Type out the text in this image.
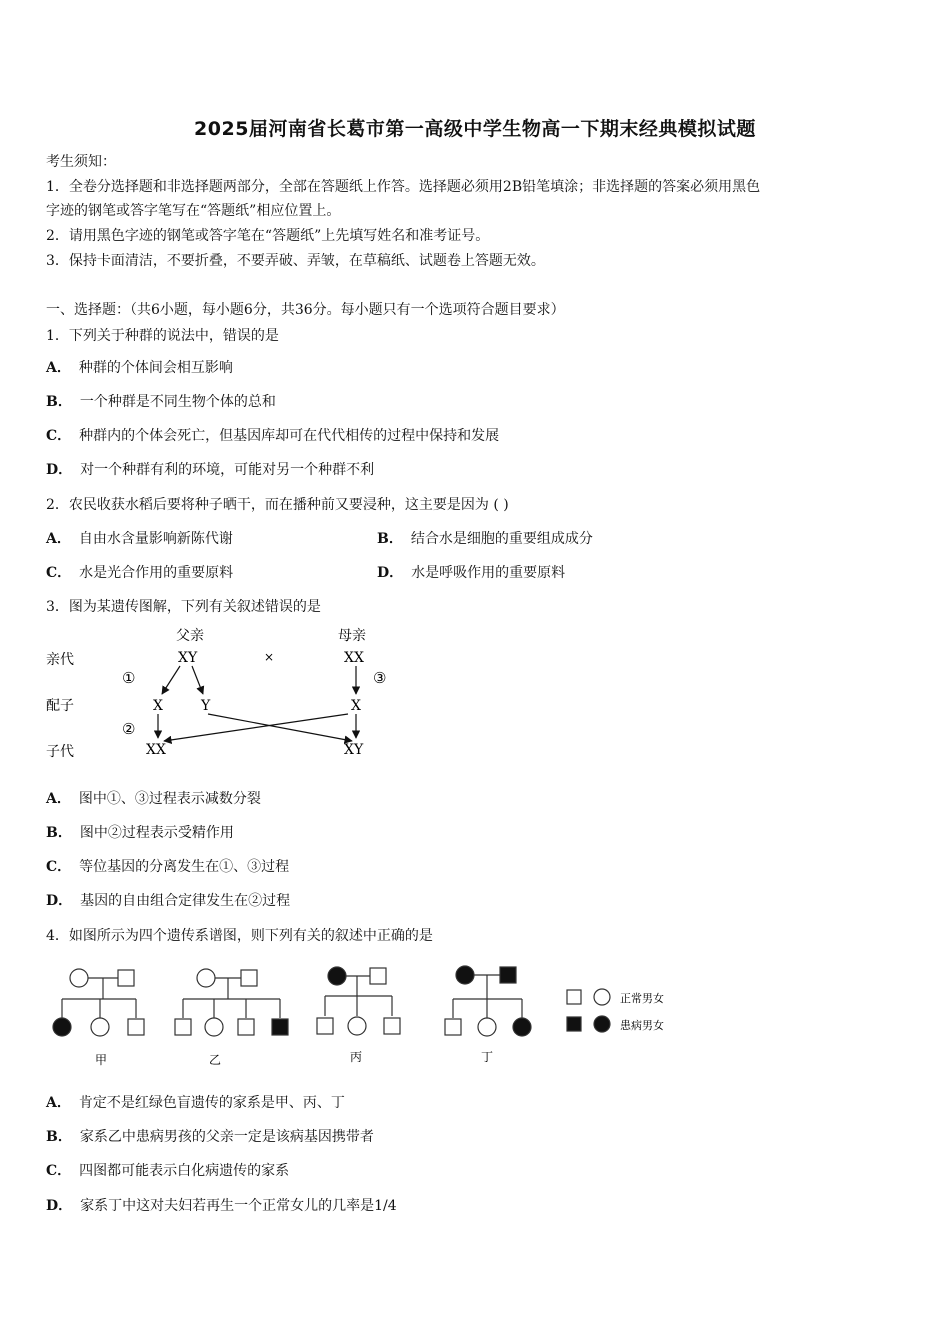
2025届河南省长葛市第一高级中学生物高一下期末经典模拟试题
考生须知：
1．全卷分选择题和非选择题两部分，全部在答题纸上作答。选择题必须用2B铅笔填涂；非选择题的答案必须用黑色
字迹的钢笔或答字笔写在“答题纸”相应位置上。
2．请用黑色字迹的钢笔或答字笔在“答题纸”上先填写姓名和准考证号。
3．保持卡面清洁，不要折叠，不要弄破、弄皱，在草稿纸、试题卷上答题无效。
一、选择题：（共6小题，每小题6分，共36分。每小题只有一个选项符合题目要求）
1．下列关于种群的说法中，错误的是
A． 种群的个体间会相互影响
B． 一个种群是不同生物个体的总和
C． 种群内的个体会死亡，但基因库却可在代代相传的过程中保持和发展
D． 对一个种群有利的环境，可能对另一个种群不利
2．农民收获水稻后要将种子晒干，而在播种前又要浸种，这主要是因为 ( )
A． 自由水含量影响新陈代谢	B． 结合水是细胞的重要组成成分
C． 水是光合作用的重要原料	D． 水是呼吸作用的重要原料
3．图为某遗传图解，下列有关叙述错误的是
亲代
配子
子代
父亲	母亲
XY	XX
×
①
②
③
X	Y	X
XX	XY
A． 图中①、③过程表示减数分裂
B． 图中②过程表示受精作用
C． 等位基因的分离发生在①、③过程
D． 基因的自由组合定律发生在②过程
4．如图所示为四个遗传系谱图，则下列有关的叙述中正确的是
甲	乙	丙	丁
正常男女
患病男女
A． 肯定不是红绿色盲遗传的家系是甲、丙、丁
B． 家系乙中患病男孩的父亲一定是该病基因携带者
C． 四图都可能表示白化病遗传的家系
D． 家系丁中这对夫妇若再生一个正常女儿的几率是1/4
